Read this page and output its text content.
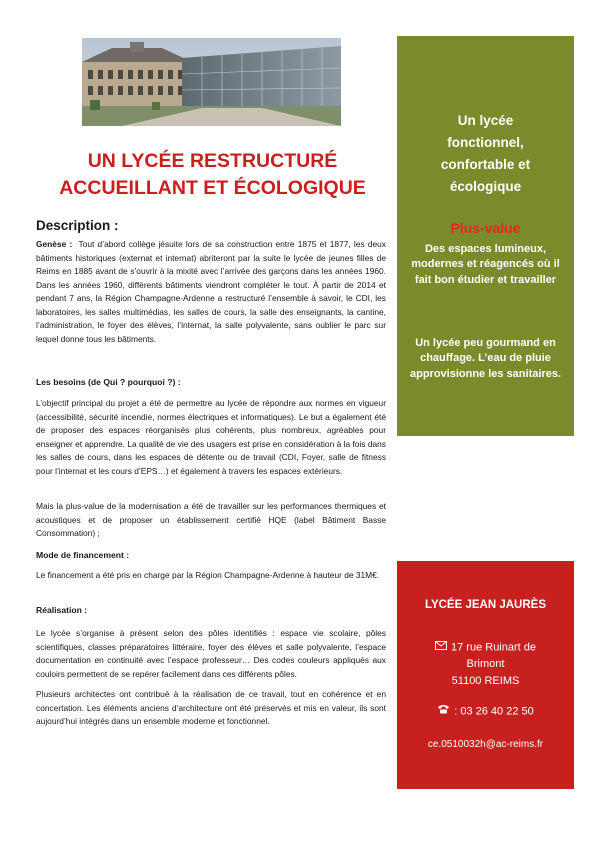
UN LYCÉE RESTRUCTURÉ
ACCUEILLANT ET ÉCOLOGIQUE
Description :
Genèse : Tout d’abord collège jésuite lors de sa construction entre 1875 et 1877, les deux bâtiments historiques (externat et internat) abriteront par la suite le lycée de jeunes filles de Reims en 1885 avant de s’ouvrir à la mixité avec l’arrivée des garçons dans les années 1960. Dans les années 1960, différents bâtiments viendront compléter le tout. À partir de 2014 et pendant 7 ans, la Région Champagne-Ardenne a restructuré l’ensemble à savoir, le CDI, les laboratoires, les salles multimédias, les salles de cours, la salle des enseignants, la cantine, l’administration, le foyer des élèves, l’internat, la salle polyvalente, sans oublier le parc sur lequel donne tous les bâtiments.
Les besoins (de Qui ? pourquoi ?) :
L’objectif principal du projet a été de permettre au lycée de répondre aux normes en vigueur (accessibilité, sécurité incendie, normes électriques et informatiques). Le but a également été de proposer des espaces réorganisés plus cohérents, plus nombreux, agréables pour enseigner et apprendre. La qualité de vie des usagers est prise en considération à la fois dans les salles de cours, dans les espaces de détente ou de travail (CDI, Foyer, salle de fitness pour l’internat et les cours d’EPS…) et également à travers les espaces extérieurs.
Mais la plus-value de la modernisation a été de travailler sur les performances thermiques et acoustiques et de proposer un établissement certifié HQE (label Bâtiment Basse Consommation) ;
Mode de financement :
Le financement a été pris en charge par la Région Champagne-Ardenne à hauteur de 31M€.
Réalisation :
Le lycée s’organise à présent selon des pôles identifiés : espace vie scolaire, pôles scientifiques, classes préparatoires littéraire, foyer des élèves et salle polyvalente, l’espace documentation en continuité avec l’espace professeur… Des codes couleurs appliqués aux couloirs permettent de se repérer facilement dans ces différents pôles.
Plusieurs architectes ont contribué à la réalisation de ce travail, tout en cohérence et en concertation. Les éléments anciens d’architecture ont été préservés et mis en valeur, ils sont aujourd’hui intégrés dans un ensemble moderne et fonctionnel.
Un lycée
fonctionnel,
confortable et
écologique
Plus-value
Des espaces lumineux, modernes et réagencés où il fait bon étudier et travailler
Un lycée peu gourmand en chauffage. L’eau de pluie approvisionne les sanitaires.
LYCÉE JEAN JAURÈS
17 rue Ruinart de
Brimont
51100 REIMS
: 03 26 40 22 50
ce.0510032h@ac-reims.fr
